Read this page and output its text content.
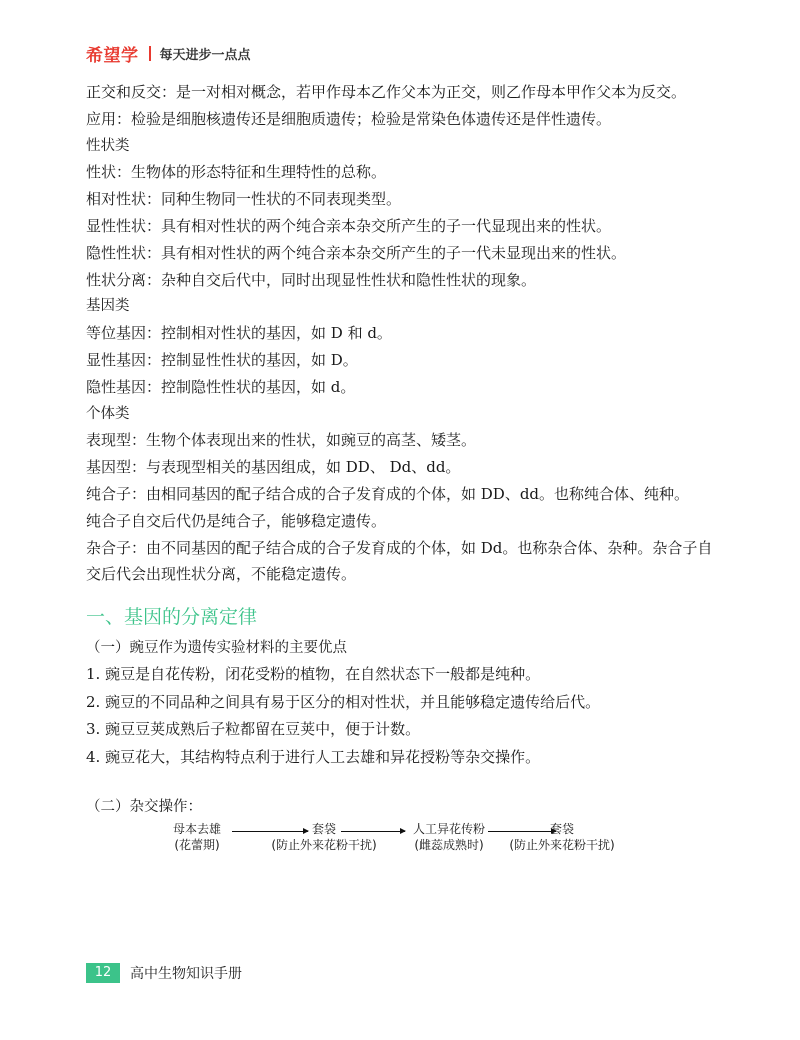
希望学 每天进步一点点
正交和反交：是一对相对概念，若甲作母本乙作父本为正交，则乙作母本甲作父本为反交。
应用：检验是细胞核遗传还是细胞质遗传；检验是常染色体遗传还是伴性遗传。
性状类
性状：生物体的形态特征和生理特性的总称。
相对性状：同种生物同一性状的不同表现类型。
显性性状：具有相对性状的两个纯合亲本杂交所产生的子一代显现出来的性状。
隐性性状：具有相对性状的两个纯合亲本杂交所产生的子一代未显现出来的性状。
性状分离：杂种自交后代中，同时出现显性性状和隐性性状的现象。
基因类
等位基因：控制相对性状的基因，如 D 和 d。
显性基因：控制显性性状的基因，如 D。
隐性基因：控制隐性性状的基因，如 d。
个体类
表现型：生物个体表现出来的性状，如豌豆的高茎、矮茎。
基因型：与表现型相关的基因组成，如 DD、 Dd、dd。
纯合子：由相同基因的配子结合成的合子发育成的个体，如 DD、dd。也称纯合体、纯种。
纯合子自交后代仍是纯合子，能够稳定遗传。
杂合子：由不同基因的配子结合成的合子发育成的个体，如 Dd。也称杂合体、杂种。杂合子自交后代会出现性状分离，不能稳定遗传。
一、基因的分离定律
（一）豌豆作为遗传实验材料的主要优点
1. 豌豆是自花传粉，闭花受粉的植物，在自然状态下一般都是纯种。
2. 豌豆的不同品种之间具有易于区分的相对性状，并且能够稳定遗传给后代。
3. 豌豆豆荚成熟后子粒都留在豆荚中，便于计数。
4. 豌豆花大，其结构特点利于进行人工去雄和异花授粉等杂交操作。
（二）杂交操作：
母本去雄
(花蕾期)
套袋
(防止外来花粉干扰)
人工异花传粉
(雌蕊成熟时)
套袋
(防止外来花粉干扰)
12	高中生物知识手册
